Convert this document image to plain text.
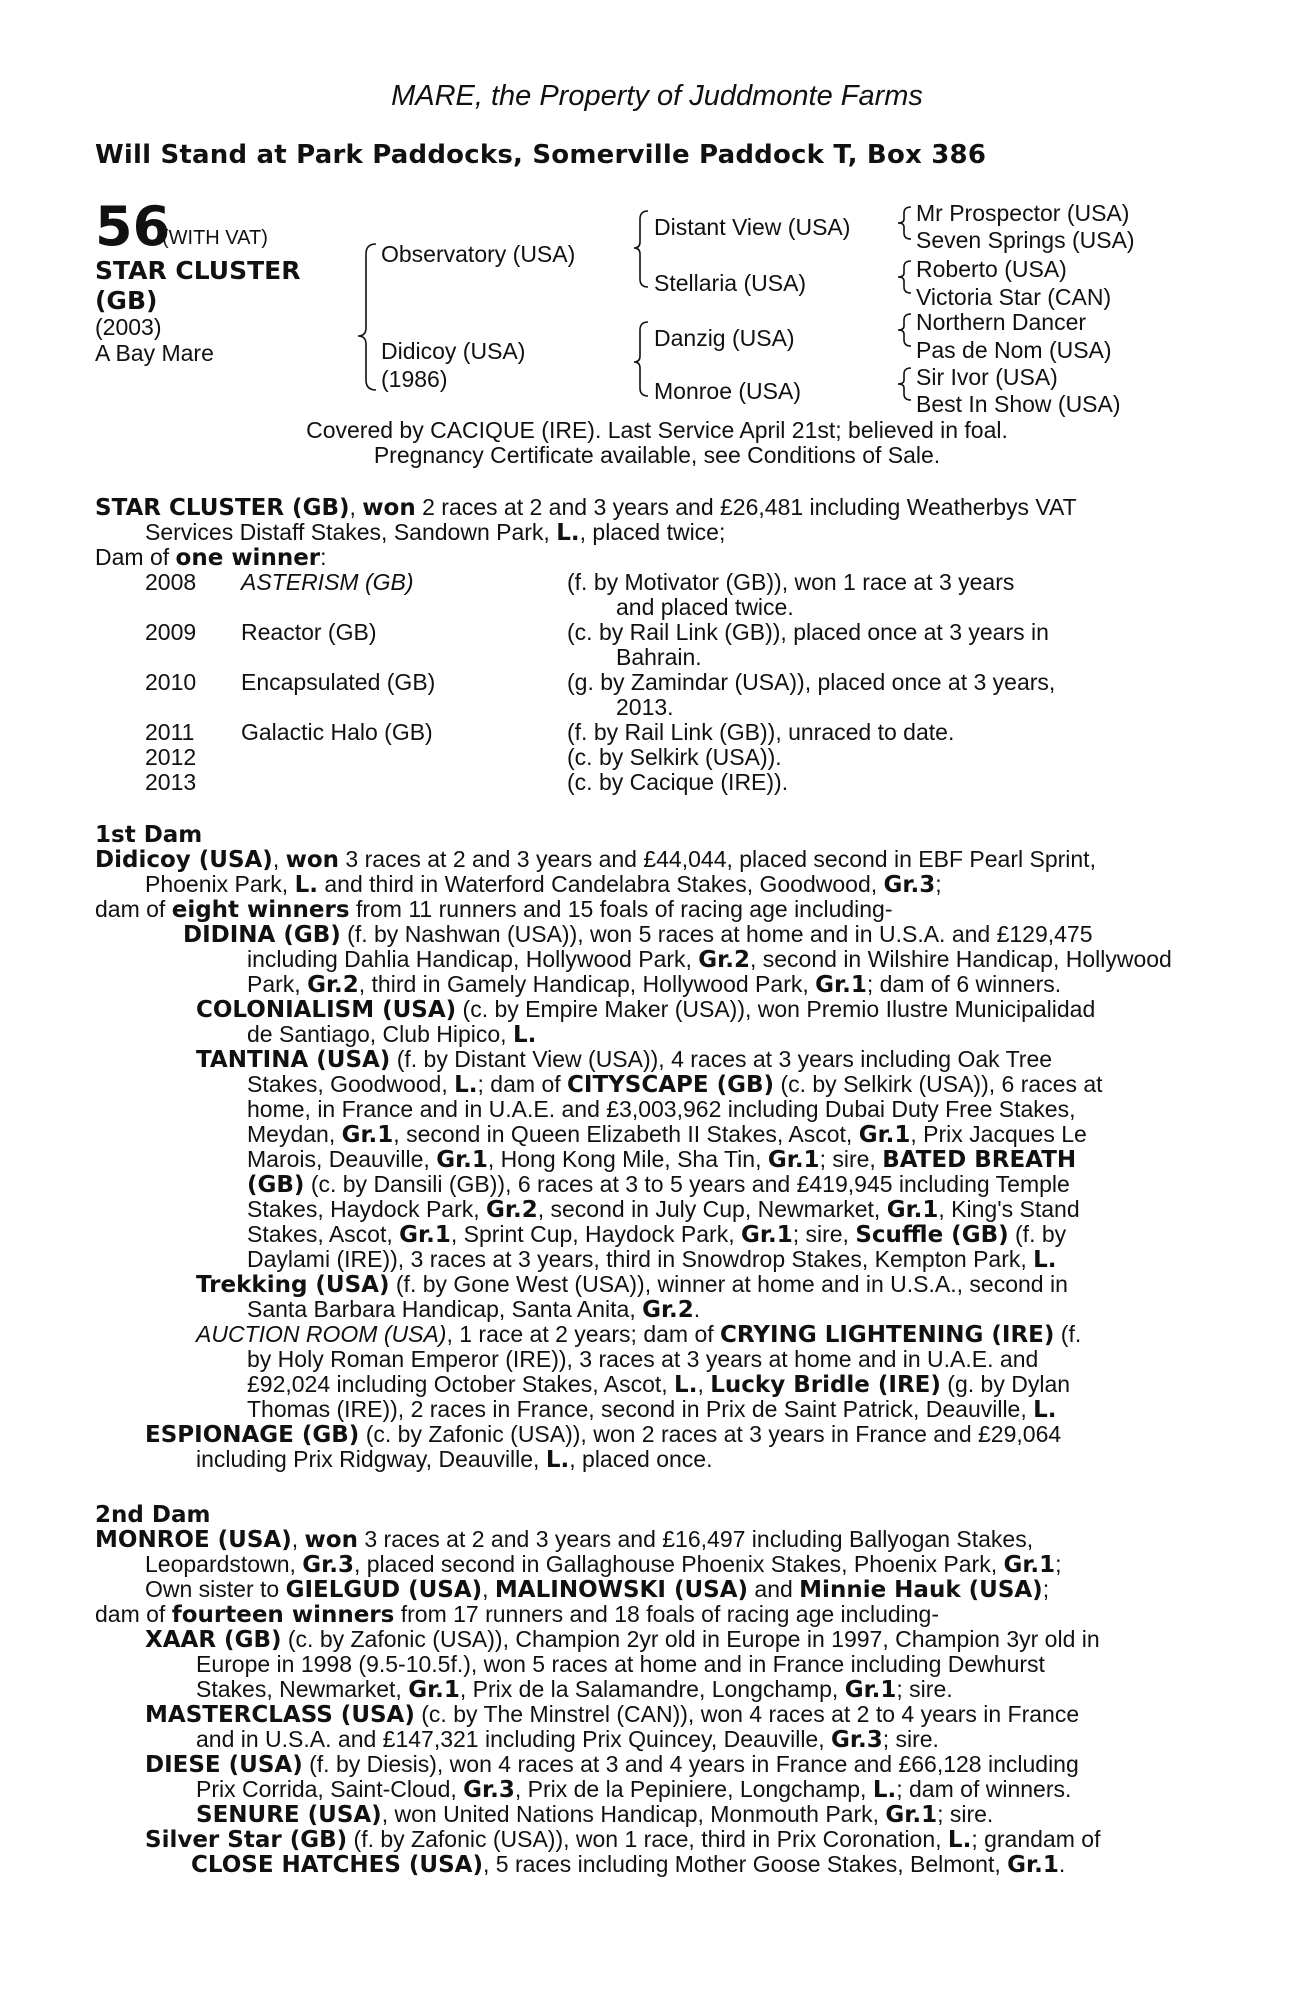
MARE, the Property of Juddmonte Farms
Will Stand at Park Paddocks, Somerville Paddock T, Box 386
56
(WITH VAT)
STAR CLUSTER (GB)
(2003)
A Bay Mare
Observatory (USA)
Didicoy (USA)
(1986)
Distant View (USA)
Stellaria (USA)
Danzig (USA)
Monroe (USA)
Mr Prospector (USA)
Seven Springs (USA)
Roberto (USA)
Victoria Star (CAN)
Northern Dancer
Pas de Nom (USA)
Sir Ivor (USA)
Best In Show (USA)
Covered by CACIQUE (IRE). Last Service April 21st; believed in foal.
Pregnancy Certificate available, see Conditions of Sale.
STAR CLUSTER (GB), won 2 races at 2 and 3 years and £26,481 including Weatherbys VAT
Services Distaff Stakes, Sandown Park, L., placed twice;
Dam of one winner:
2008 ASTERISM (GB)	(f. by Motivator (GB)), won 1 race at 3 years
and placed twice.
2009 Reactor (GB)	(c. by Rail Link (GB)), placed once at 3 years in
Bahrain.
2010 Encapsulated (GB)	(g. by Zamindar (USA)), placed once at 3 years,
2013.
2011 Galactic Halo (GB)	(f. by Rail Link (GB)), unraced to date.
2012	(c. by Selkirk (USA)).
2013	(c. by Cacique (IRE)).
1st Dam
Didicoy (USA), won 3 races at 2 and 3 years and £44,044, placed second in EBF Pearl Sprint,
Phoenix Park, L. and third in Waterford Candelabra Stakes, Goodwood, Gr.3;
dam of eight winners from 11 runners and 15 foals of racing age including-
DIDINA (GB) (f. by Nashwan (USA)), won 5 races at home and in U.S.A. and £129,475
including Dahlia Handicap, Hollywood Park, Gr.2, second in Wilshire Handicap, Hollywood
Park, Gr.2, third in Gamely Handicap, Hollywood Park, Gr.1; dam of 6 winners.
COLONIALISM (USA) (c. by Empire Maker (USA)), won Premio Ilustre Municipalidad
de Santiago, Club Hipico, L.
TANTINA (USA) (f. by Distant View (USA)), 4 races at 3 years including Oak Tree
Stakes, Goodwood, L.; dam of CITYSCAPE (GB) (c. by Selkirk (USA)), 6 races at
home, in France and in U.A.E. and £3,003,962 including Dubai Duty Free Stakes,
Meydan, Gr.1, second in Queen Elizabeth II Stakes, Ascot, Gr.1, Prix Jacques Le
Marois, Deauville, Gr.1, Hong Kong Mile, Sha Tin, Gr.1; sire, BATED BREATH
(GB) (c. by Dansili (GB)), 6 races at 3 to 5 years and £419,945 including Temple
Stakes, Haydock Park, Gr.2, second in July Cup, Newmarket, Gr.1, King's Stand
Stakes, Ascot, Gr.1, Sprint Cup, Haydock Park, Gr.1; sire, Scuffle (GB) (f. by
Daylami (IRE)), 3 races at 3 years, third in Snowdrop Stakes, Kempton Park, L.
Trekking (USA) (f. by Gone West (USA)), winner at home and in U.S.A., second in
Santa Barbara Handicap, Santa Anita, Gr.2.
AUCTION ROOM (USA), 1 race at 2 years; dam of CRYING LIGHTENING (IRE) (f.
by Holy Roman Emperor (IRE)), 3 races at 3 years at home and in U.A.E. and
£92,024 including October Stakes, Ascot, L., Lucky Bridle (IRE) (g. by Dylan
Thomas (IRE)), 2 races in France, second in Prix de Saint Patrick, Deauville, L.
ESPIONAGE (GB) (c. by Zafonic (USA)), won 2 races at 3 years in France and £29,064
including Prix Ridgway, Deauville, L., placed once.
2nd Dam
MONROE (USA), won 3 races at 2 and 3 years and £16,497 including Ballyogan Stakes,
Leopardstown, Gr.3, placed second in Gallaghouse Phoenix Stakes, Phoenix Park, Gr.1;
Own sister to GIELGUD (USA), MALINOWSKI (USA) and Minnie Hauk (USA);
dam of fourteen winners from 17 runners and 18 foals of racing age including-
XAAR (GB) (c. by Zafonic (USA)), Champion 2yr old in Europe in 1997, Champion 3yr old in
Europe in 1998 (9.5-10.5f.), won 5 races at home and in France including Dewhurst
Stakes, Newmarket, Gr.1, Prix de la Salamandre, Longchamp, Gr.1; sire.
MASTERCLASS (USA) (c. by The Minstrel (CAN)), won 4 races at 2 to 4 years in France
and in U.S.A. and £147,321 including Prix Quincey, Deauville, Gr.3; sire.
DIESE (USA) (f. by Diesis), won 4 races at 3 and 4 years in France and £66,128 including
Prix Corrida, Saint-Cloud, Gr.3, Prix de la Pepiniere, Longchamp, L.; dam of winners.
SENURE (USA), won United Nations Handicap, Monmouth Park, Gr.1; sire.
Silver Star (GB) (f. by Zafonic (USA)), won 1 race, third in Prix Coronation, L.; grandam of
CLOSE HATCHES (USA), 5 races including Mother Goose Stakes, Belmont, Gr.1.
